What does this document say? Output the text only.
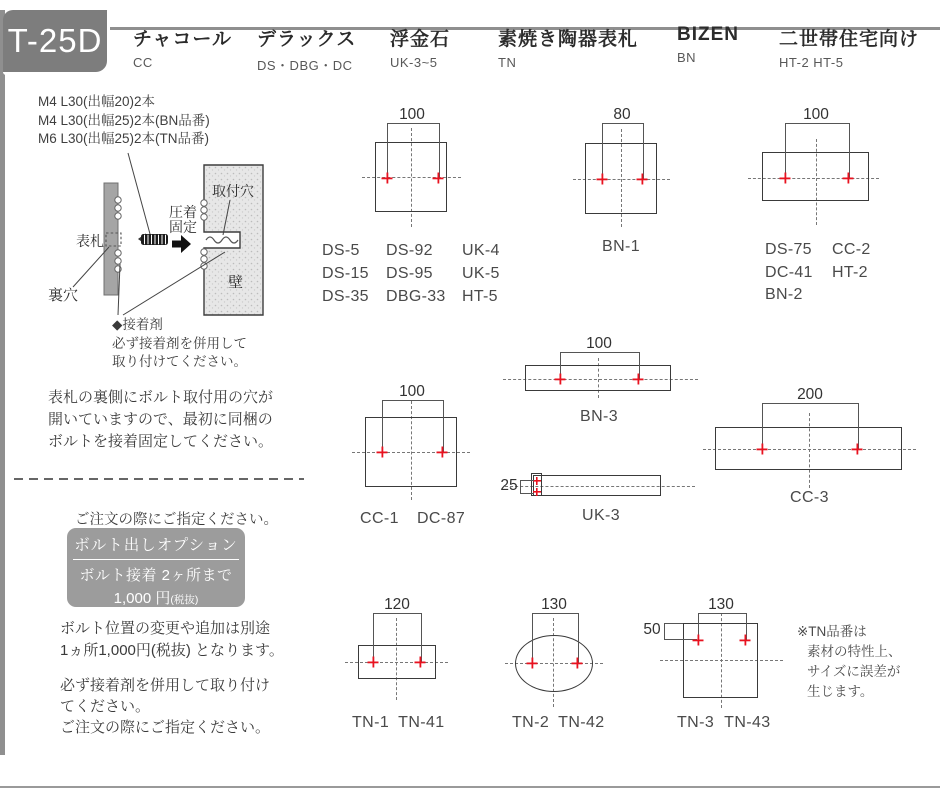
T-25D チャコール
CC
デラックス
DS・DBG・DC
浮金石
UK-3~5
素焼き陶器表札
TN
BIZEN
BN
二世帯住宅向け
HT-2 HT-5
M4 L30(出幅20)2本
M4 L30(出幅25)2本(BN品番)
M6 L30(出幅25)2本(TN品番)
圧着
固定
取付穴
壁
表札
裏穴
◆接着剤
必ず接着剤を併用して
取り付けてください。
表札の裏側にボルト取付用の穴が
開いていますので、最初に同梱の
ボルトを接着固定してください。
ご注文の際にご指定ください。
ボルト出しオプション
ボルト接着 2ヶ所まで
1,000 円(税抜)
ボルト位置の変更や追加は別途
1ヵ所1,000円(税抜) となります。
必ず接着剤を併用して取り付け
てください。
ご注文の際にご指定ください。
100
DS-5	DS-92	UK-4
DS-15	DS-95	UK-5
DS-35	DBG-33	HT-5
80
BN-1
100
DS-75	CC-2
DC-41	HT-2
BN-2
100
CC-1 DC-87
100
BN-3
25
UK-3
200
CC-3
120
TN-1 TN-41
130
TN-2 TN-42
130
50
TN-3 TN-43
※TN品番は
素材の特性上、
サイズに誤差が
生じます。
